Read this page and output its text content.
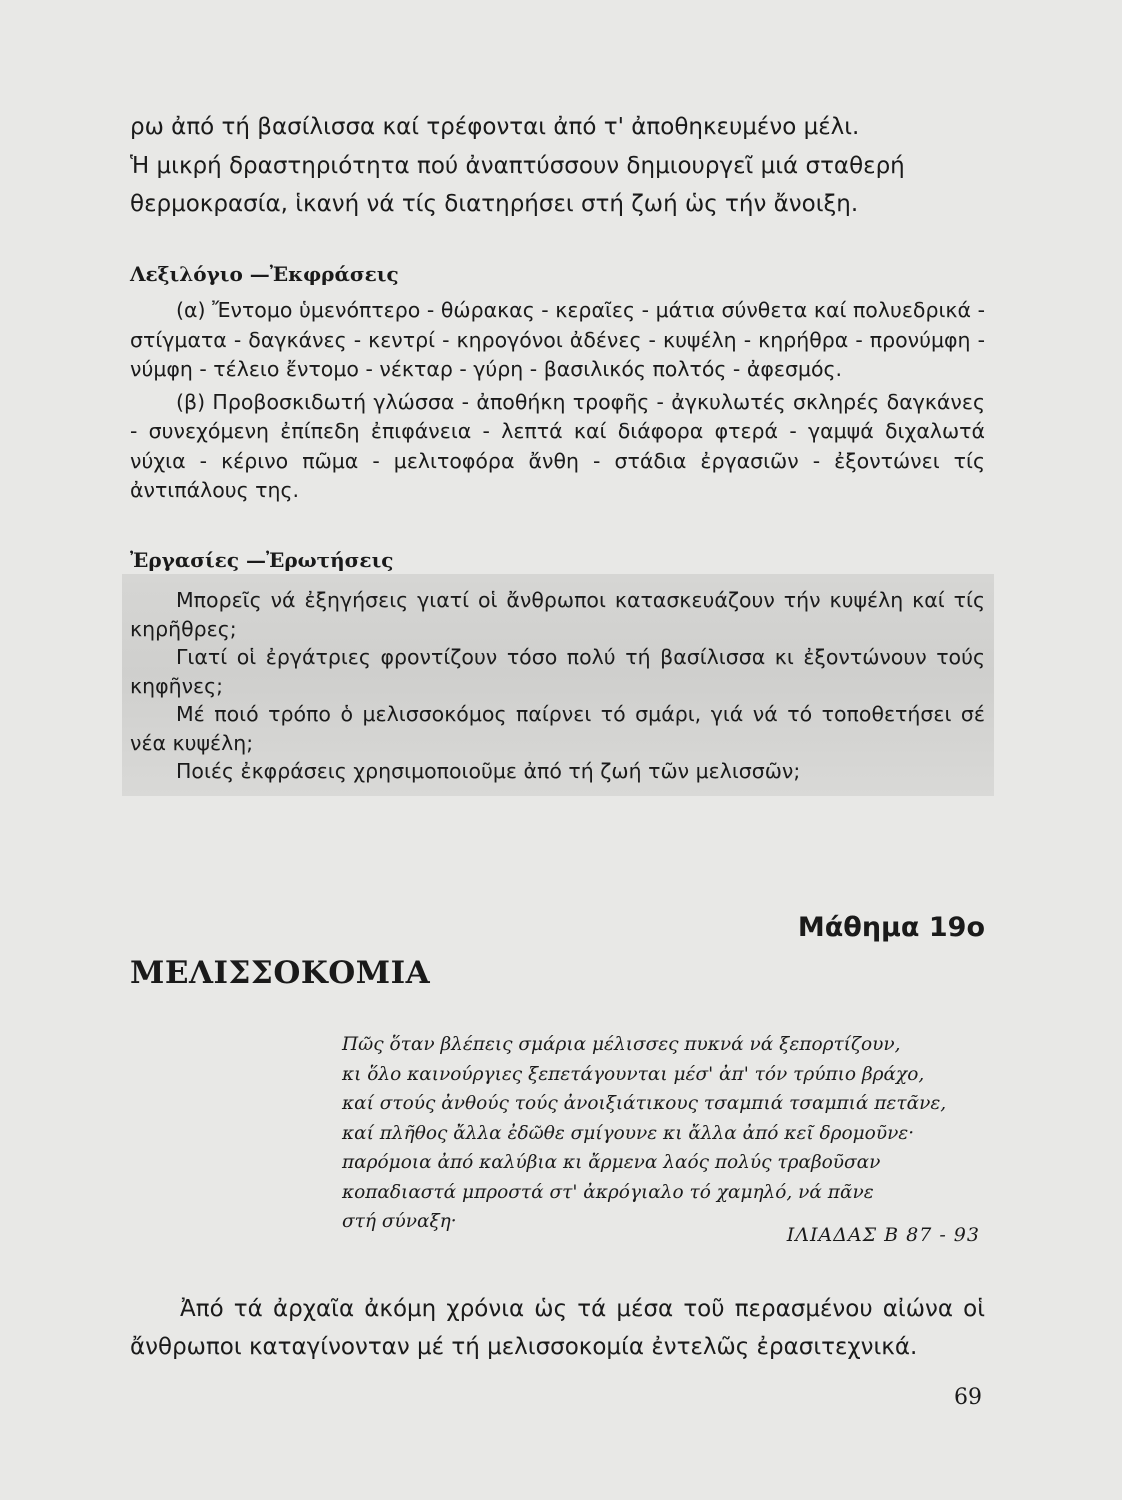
ρω ἀπό τή βασίλισσα καί τρέφονται ἀπό τ' ἀποθηκευμένο μέλι.

Ἡ μικρή δραστηριότητα πού ἀναπτύσσουν δημιουργεῖ μιά σταθερή

θερμοκρασία, ἱκανή νά τίς διατηρήσει στή ζωή ὡς τήν ἄνοιξη.

Λεξιλόγιο —Ἐκφράσεις

(α) Ἔντομο ὑμενόπτερο - θώρακας - κεραῖες - μάτια σύνθετα καί πολυεδρικά - στίγματα - δαγκάνες - κεντρί - κηρογόνοι ἀδένες - κυψέλη - κηρήθρα - προνύμφη - νύμφη - τέλειο ἔντομο - νέκταρ - γύρη - βασιλικός πολτός - ἀφεσμός.

(β) Προβοσκιδωτή γλώσσα - ἀποθήκη τροφῆς - ἀγκυλωτές σκληρές δαγκάνες - συνεχόμενη ἐπίπεδη ἐπιφάνεια - λεπτά καί διάφορα φτερά - γαμψά διχαλωτά νύχια - κέρινο πῶμα - μελιτοφόρα ἄνθη - στάδια ἐργασιῶν - ἐξοντώνει τίς ἀντιπάλους της.

Ἐργασίες —Ἐρωτήσεις

Μπορεῖς νά ἐξηγήσεις γιατί οἱ ἄνθρωποι κατασκευάζουν τήν κυψέλη καί τίς κηρῆθρες;

Γιατί οἱ ἐργάτριες φροντίζουν τόσο πολύ τή βασίλισσα κι ἐξοντώνουν τούς κηφῆνες;

Μέ ποιό τρόπο ὁ μελισσοκόμος παίρνει τό σμάρι, γιά νά τό τοποθετήσει σέ νέα κυψέλη;

Ποιές ἐκφράσεις χρησιμοποιοῦμε ἀπό τή ζωή τῶν μελισσῶν;

Μάθημα 19ο
ΜΕΛΙΣΣΟΚΟΜΙΑ

Πῶς ὅταν βλέπεις σμάρια μέλισσες πυκνά νά ξεπορτίζουν,

κι ὅλο καινούργιες ξεπετάγουνται μέσ' ἀπ' τόν τρύπιο βράχο,

καί στούς ἀνθούς τούς ἀνοιξιάτικους τσαμπιά τσαμπιά πετᾶνε,

καί πλῆθος ἄλλα ἐδῶθε σμίγουνε κι ἄλλα ἀπό κεῖ δρομοῦνε·

παρόμοια ἀπό καλύβια κι ἄρμενα λαός πολύς τραβοῦσαν

κοπαδιαστά μπροστά στ' ἀκρόγιαλο τό χαμηλό, νά πᾶνε

στή σύναξη·

ΙΛΙΑΔΑΣ Β 87 - 93

Ἀπό τά ἀρχαῖα ἀκόμη χρόνια ὡς τά μέσα τοῦ περασμένου αἰώνα οἱ ἄνθρωποι καταγίνονταν μέ τή μελισσοκομία ἐντελῶς ἐρασιτεχνικά.

69
